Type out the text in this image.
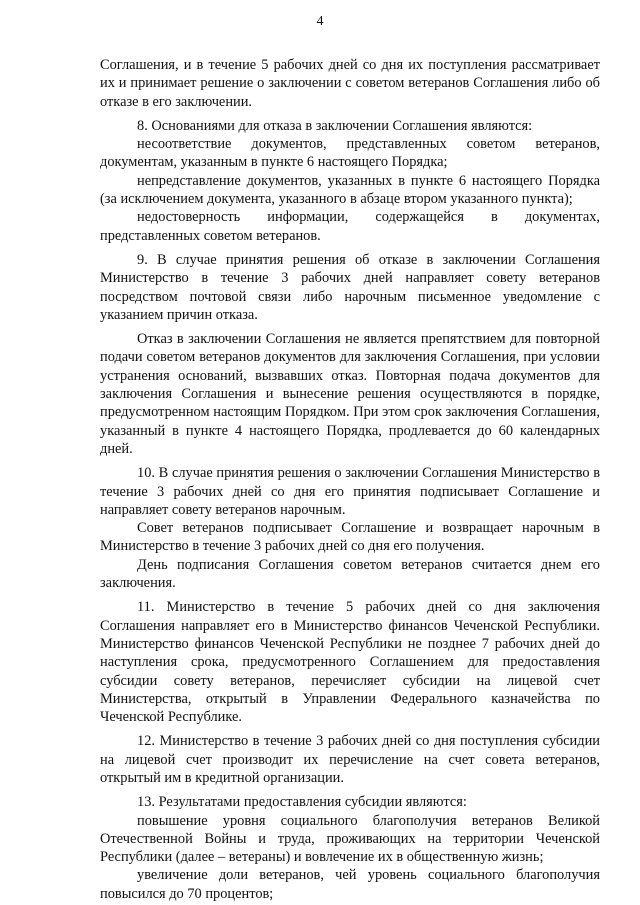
4

Соглашения, и в течение 5 рабочих дней со дня их поступления рассматривает их и принимает решение о заключении с советом ветеранов Соглашения либо об отказе в его заключении.

8. Основаниями для отказа в заключении Соглашения являются:

несоответствие документов, представленных советом ветеранов, документам, указанным в пункте 6 настоящего Порядка;

непредставление документов, указанных в пункте 6 настоящего Порядка (за исключением документа, указанного в абзаце втором указанного пункта);

недостоверность информации, содержащейся в документах, представленных советом ветеранов.

9. В случае принятия решения об отказе в заключении Соглашения Министерство в течение 3 рабочих дней направляет совету ветеранов посредством почтовой связи либо нарочным письменное уведомление с указанием причин отказа.

Отказ в заключении Соглашения не является препятствием для повторной подачи советом ветеранов документов для заключения Соглашения, при условии устранения оснований, вызвавших отказ. Повторная подача документов для заключения Соглашения и вынесение решения осуществляются в порядке, предусмотренном настоящим Порядком. При этом срок заключения Соглашения, указанный в пункте 4 настоящего Порядка, продлевается до 60 календарных дней.

10. В случае принятия решения о заключении Соглашения Министерство в течение 3 рабочих дней со дня его принятия подписывает Соглашение и направляет совету ветеранов нарочным.

Совет ветеранов подписывает Соглашение и возвращает нарочным в Министерство в течение 3 рабочих дней со дня его получения.

День подписания Соглашения советом ветеранов считается днем его заключения.

11. Министерство в течение 5 рабочих дней со дня заключения Соглашения направляет его в Министерство финансов Чеченской Республики. Министерство финансов Чеченской Республики не позднее 7 рабочих дней до наступления срока, предусмотренного Соглашением для предоставления субсидии совету ветеранов, перечисляет субсидии на лицевой счет Министерства, открытый в Управлении Федерального казначейства по Чеченской Республике.

12. Министерство в течение 3 рабочих дней со дня поступления субсидии на лицевой счет производит их перечисление на счет совета ветеранов, открытый им в кредитной организации.

13. Результатами предоставления субсидии являются:

повышение уровня социального благополучия ветеранов Великой Отечественной Войны и труда, проживающих на территории Чеченской Республики (далее – ветераны) и вовлечение их в общественную жизнь;

увеличение доли ветеранов, чей уровень социального благополучия повысился до 70 процентов;
